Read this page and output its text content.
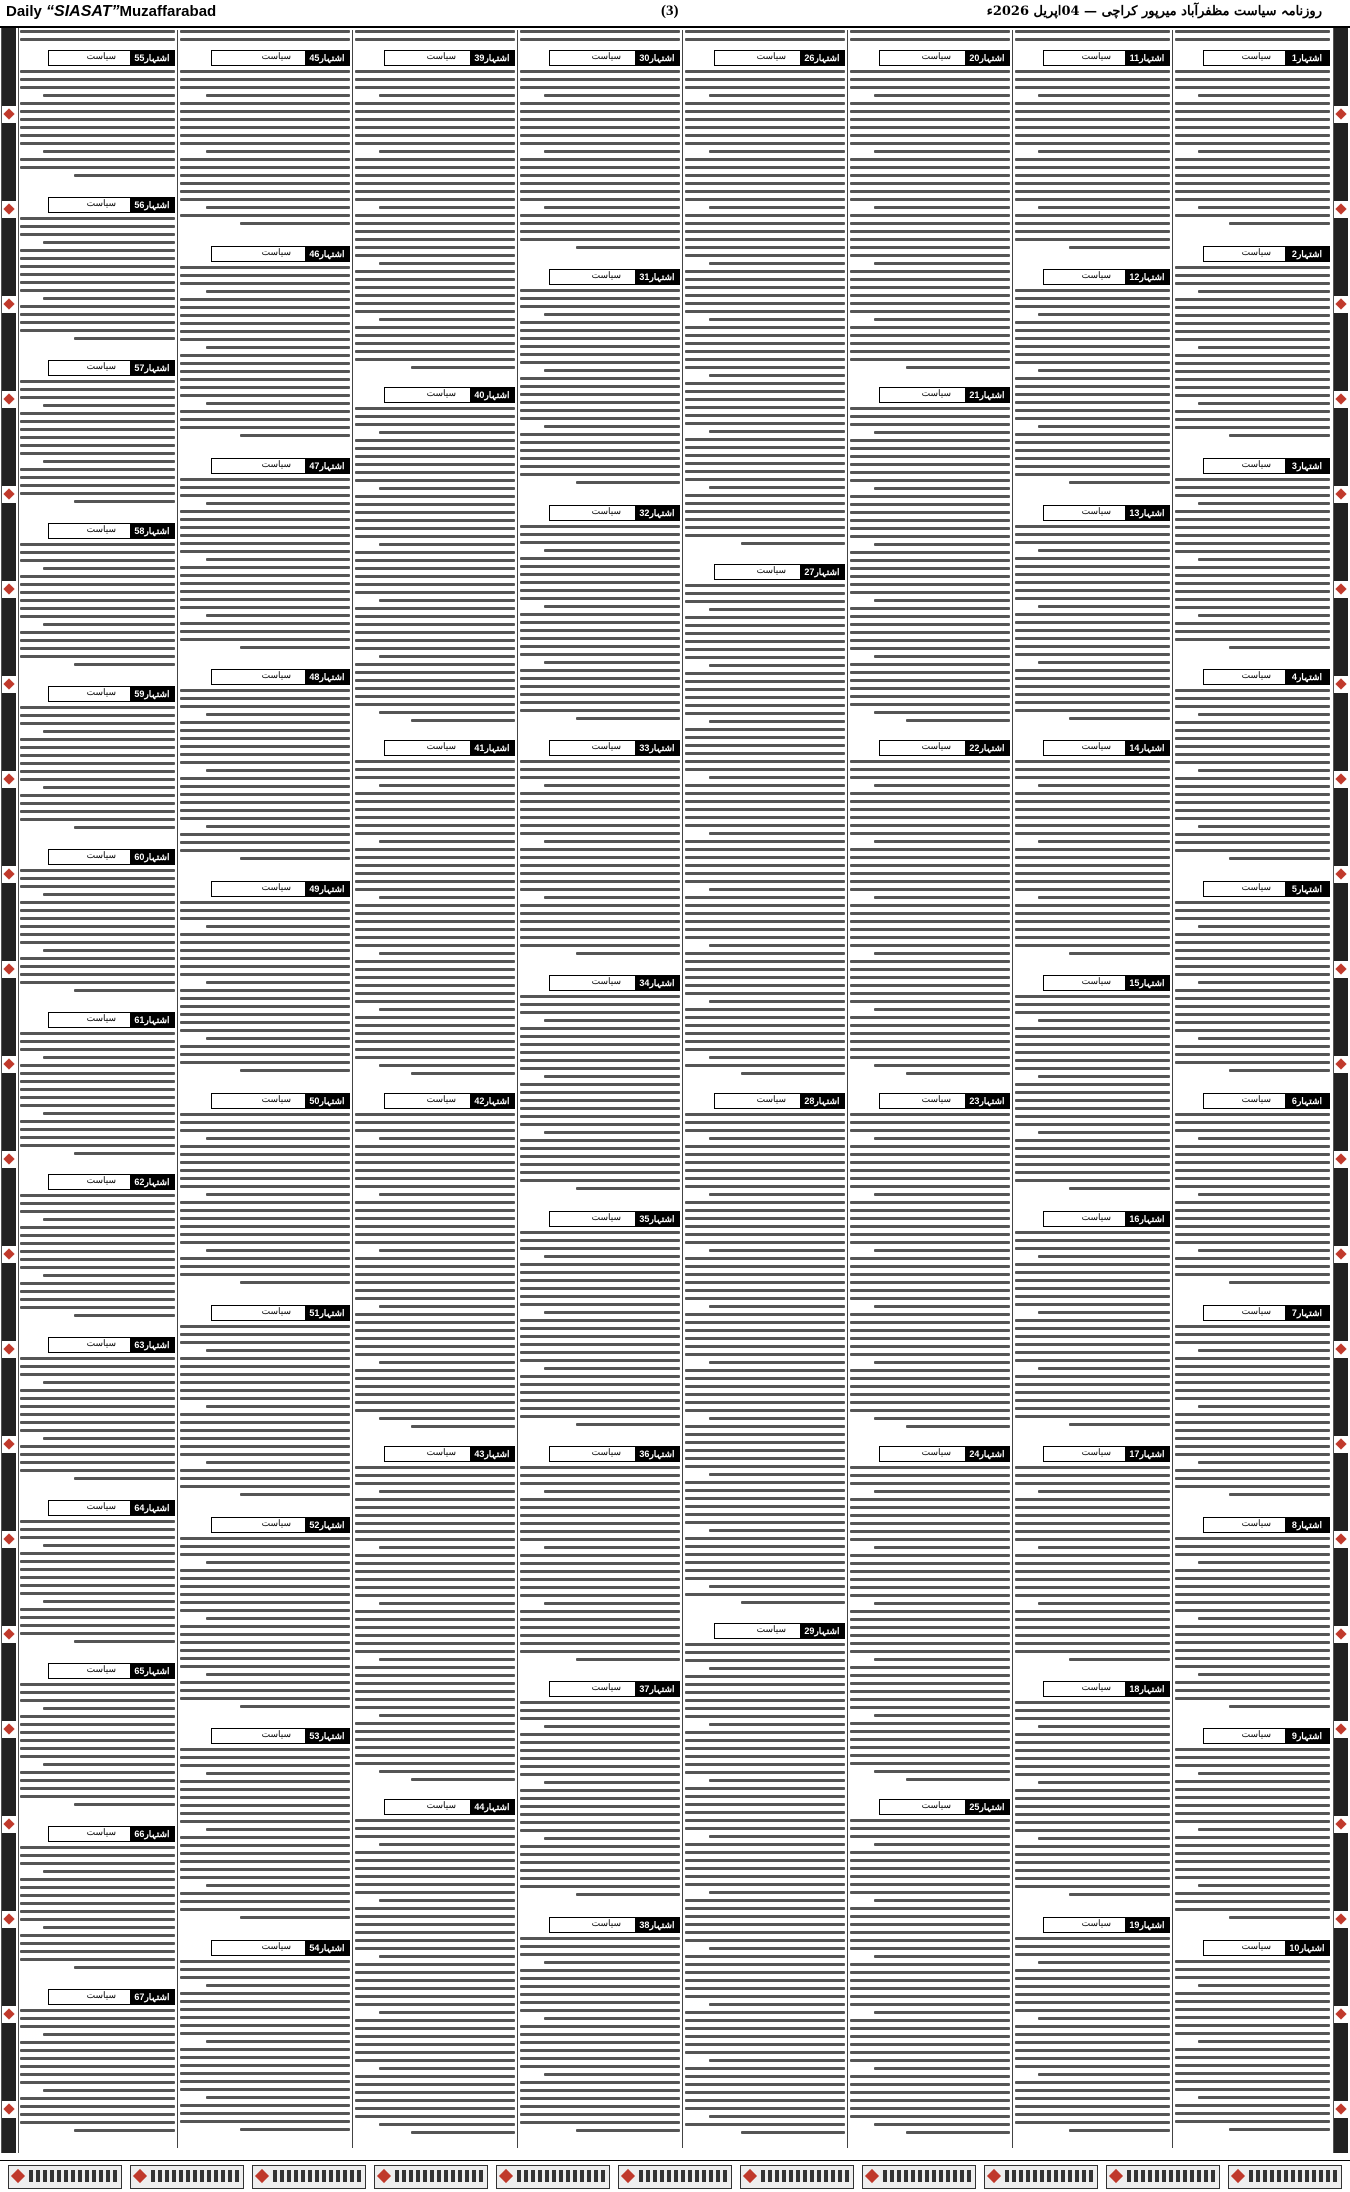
Daily “SIASAT”Muzaffarabad	(3)	روزنامہ سیاست مظفرآباد میرپور کراچی — 04اپریل 2026ء
اشتہار55
سیاست
اشتہار56
سیاست
اشتہار57
سیاست
اشتہار58
سیاست
اشتہار59
سیاست
اشتہار60
سیاست
اشتہار61
سیاست
اشتہار62
سیاست
اشتہار63
سیاست
اشتہار64
سیاست
اشتہار65
سیاست
اشتہار66
سیاست
اشتہار67
سیاست
اشتہار45
سیاست
اشتہار46
سیاست
اشتہار47
سیاست
اشتہار48
سیاست
اشتہار49
سیاست
اشتہار50
سیاست
اشتہار51
سیاست
اشتہار52
سیاست
اشتہار53
سیاست
اشتہار54
سیاست
اشتہار39
سیاست
اشتہار40
سیاست
اشتہار41
سیاست
اشتہار42
سیاست
اشتہار43
سیاست
اشتہار44
سیاست
اشتہار30
سیاست
اشتہار31
سیاست
اشتہار32
سیاست
اشتہار33
سیاست
اشتہار34
سیاست
اشتہار35
سیاست
اشتہار36
سیاست
اشتہار37
سیاست
اشتہار38
سیاست
اشتہار26
سیاست
اشتہار27
سیاست
اشتہار28
سیاست
اشتہار29
سیاست
اشتہار20
سیاست
اشتہار21
سیاست
اشتہار22
سیاست
اشتہار23
سیاست
اشتہار24
سیاست
اشتہار25
سیاست
اشتہار11
سیاست
اشتہار12
سیاست
اشتہار13
سیاست
اشتہار14
سیاست
اشتہار15
سیاست
اشتہار16
سیاست
اشتہار17
سیاست
اشتہار18
سیاست
اشتہار19
سیاست
اشتہار1
سیاست
اشتہار2
سیاست
اشتہار3
سیاست
اشتہار4
سیاست
اشتہار5
سیاست
اشتہار6
سیاست
اشتہار7
سیاست
اشتہار8
سیاست
اشتہار9
سیاست
اشتہار10
سیاست
